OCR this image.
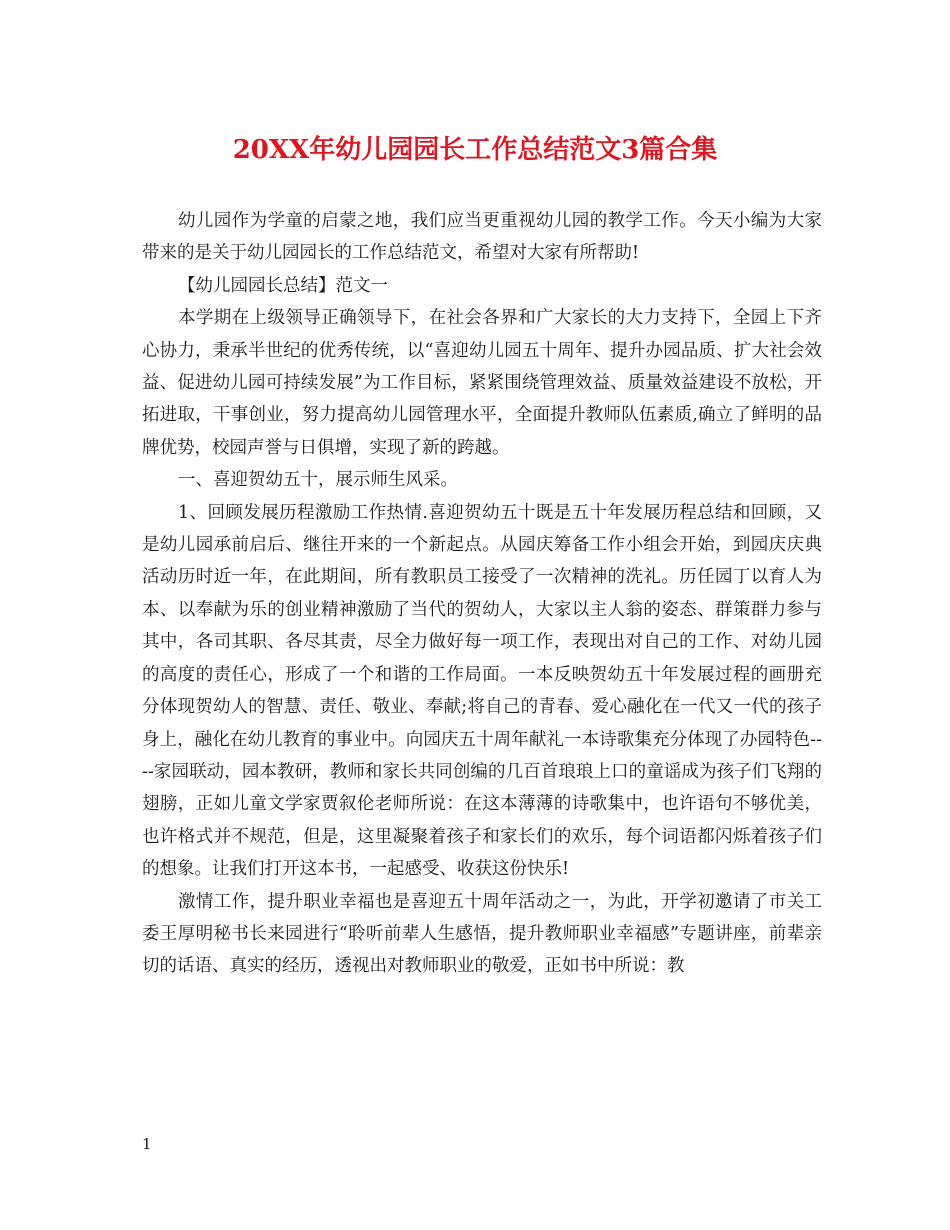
20XX年幼儿园园长工作总结范文3篇合集

幼儿园作为学童的启蒙之地，我们应当更重视幼儿园的教学工作。今天小编为大家带来的是关于幼儿园园长的工作总结范文，希望对大家有所帮助!

【幼儿园园长总结】范文一

本学期在上级领导正确领导下，在社会各界和广大家长的大力支持下，全园上下齐心协力，秉承半世纪的优秀传统，以“喜迎幼儿园五十周年、提升办园品质、扩大社会效益、促进幼儿园可持续发展”为工作目标，紧紧围绕管理效益、质量效益建设不放松，开拓进取，干事创业，努力提高幼儿园管理水平，全面提升教师队伍素质,确立了鲜明的品牌优势，校园声誉与日俱增，实现了新的跨越。

一、喜迎贺幼五十，展示师生风采。

1、回顾发展历程激励工作热情.喜迎贺幼五十既是五十年发展历程总结和回顾，又是幼儿园承前启后、继往开来的一个新起点。从园庆筹备工作小组会开始，到园庆庆典活动历时近一年，在此期间，所有教职员工接受了一次精神的洗礼。历任园丁以育人为本、以奉献为乐的创业精神激励了当代的贺幼人，大家以主人翁的姿态、群策群力参与其中，各司其职、各尽其责，尽全力做好每一项工作，表现出对自己的工作、对幼儿园的高度的责任心，形成了一个和谐的工作局面。一本反映贺幼五十年发展过程的画册充分体现贺幼人的智慧、责任、敬业、奉献;将自己的青春、爱心融化在一代又一代的孩子身上，融化在幼儿教育的事业中。向园庆五十周年献礼一本诗歌集充分体现了办园特色----家园联动，园本教研，教师和家长共同创编的几百首琅琅上口的童谣成为孩子们飞翔的翅膀，正如儿童文学家贾叙伦老师所说：在这本薄薄的诗歌集中，也许语句不够优美，也许格式并不规范，但是，这里凝聚着孩子和家长们的欢乐，每个词语都闪烁着孩子们的想象。让我们打开这本书，一起感受、收获这份快乐!

激情工作，提升职业幸福也是喜迎五十周年活动之一，为此，开学初邀请了市关工委王厚明秘书长来园进行“聆听前辈人生感悟，提升教师职业幸福感”专题讲座，前辈亲切的话语、真实的经历，透视出对教师职业的敬爱，正如书中所说：教

1
